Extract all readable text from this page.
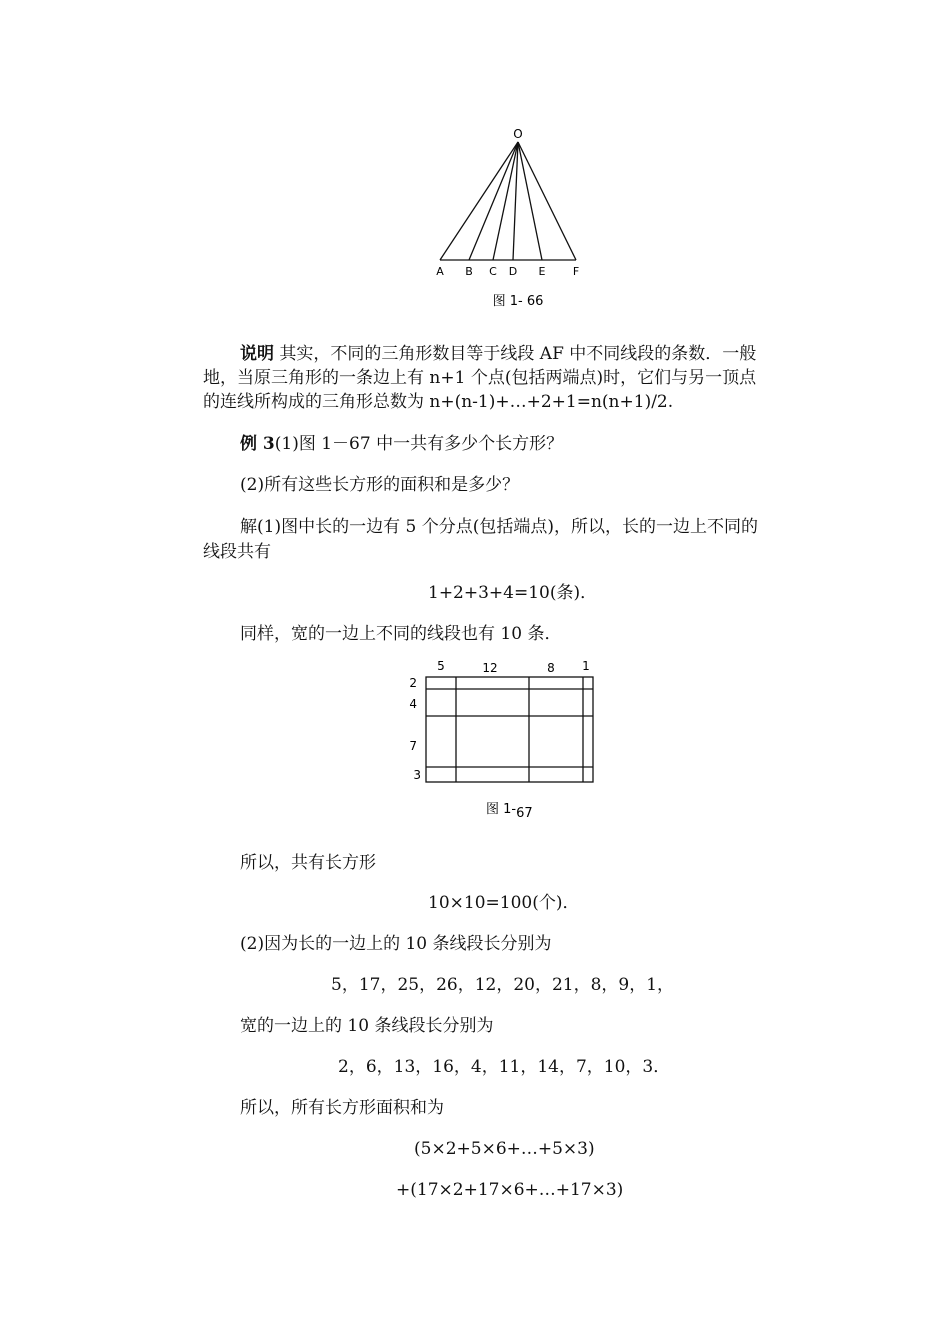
O
A B C D E F
图 1- 66
说明 其实，不同的三角形数目等于线段 AF 中不同线段的条数．一般
地，当原三角形的一条边上有 n+1 个点(包括两端点)时，它们与另一顶点
的连线所构成的三角形总数为 n+(n-1)+…+2+1=n(n+1)/2.
例 3(1)图 1－67 中一共有多少个长方形？
(2)所有这些长方形的面积和是多少？
解(1)图中长的一边有 5 个分点(包括端点)，所以，长的一边上不同的
线段共有
1+2+3+4=10(条)．
同样，宽的一边上不同的线段也有 10 条．
5	12	8 1
2
4
7
3
图 1-67
所以，共有长方形
10×10=100(个)．
(2)因为长的一边上的 10 条线段长分别为
5，17，25，26，12，20，21，8，9，1，
宽的一边上的 10 条线段长分别为
2，6，13，16，4，11，14，7，10，3．
所以，所有长方形面积和为
(5×2+5×6+…+5×3)
+(17×2+17×6+…+17×3)
